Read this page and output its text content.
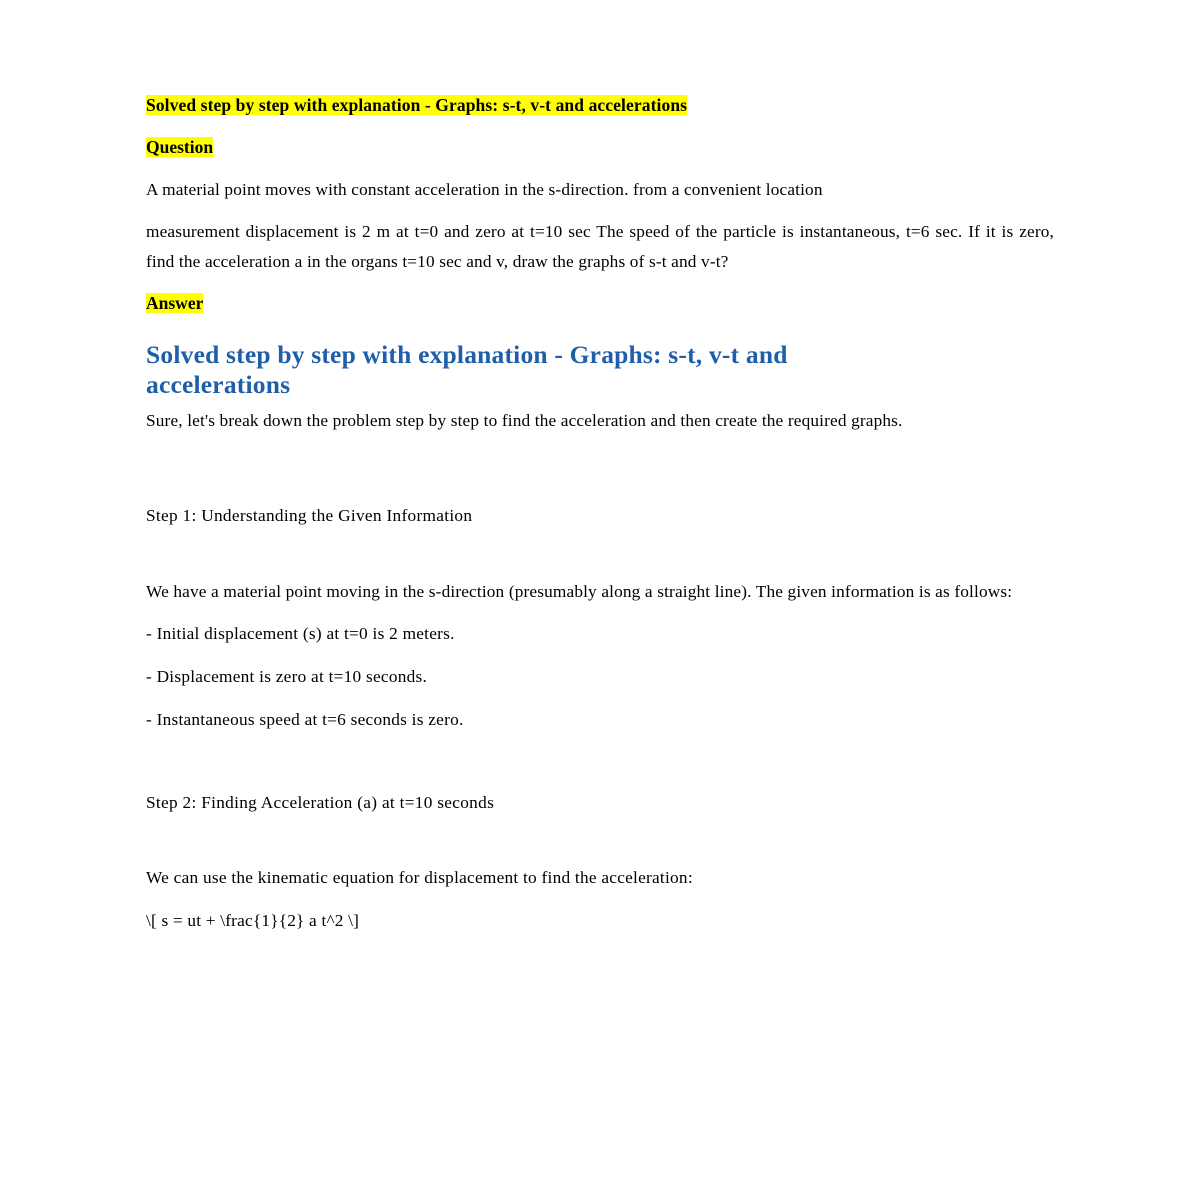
Solved step by step with explanation - Graphs: s-t, v-t and accelerations
Question

A material point moves with constant acceleration in the s-direction. from a convenient location

measurement displacement is 2 m at t=0 and zero at t=10 sec The speed of the particle is instantaneous, t=6 sec. If it is zero, find the acceleration a in the organs t=10 sec and v, draw the graphs of s-t and v-t?

Answer
Solved step by step with explanation - Graphs: s-t, v-t and
accelerations

Sure, let's break down the problem step by step to find the acceleration and then create the required graphs.

Step 1: Understanding the Given Information

We have a material point moving in the s-direction (presumably along a straight line). The given information is as follows:

- Initial displacement (s) at t=0 is 2 meters.

- Displacement is zero at t=10 seconds.

- Instantaneous speed at t=6 seconds is zero.

Step 2: Finding Acceleration (a) at t=10 seconds

We can use the kinematic equation for displacement to find the acceleration:

\[ s = ut + \frac{1}{2} a t^2 \]
